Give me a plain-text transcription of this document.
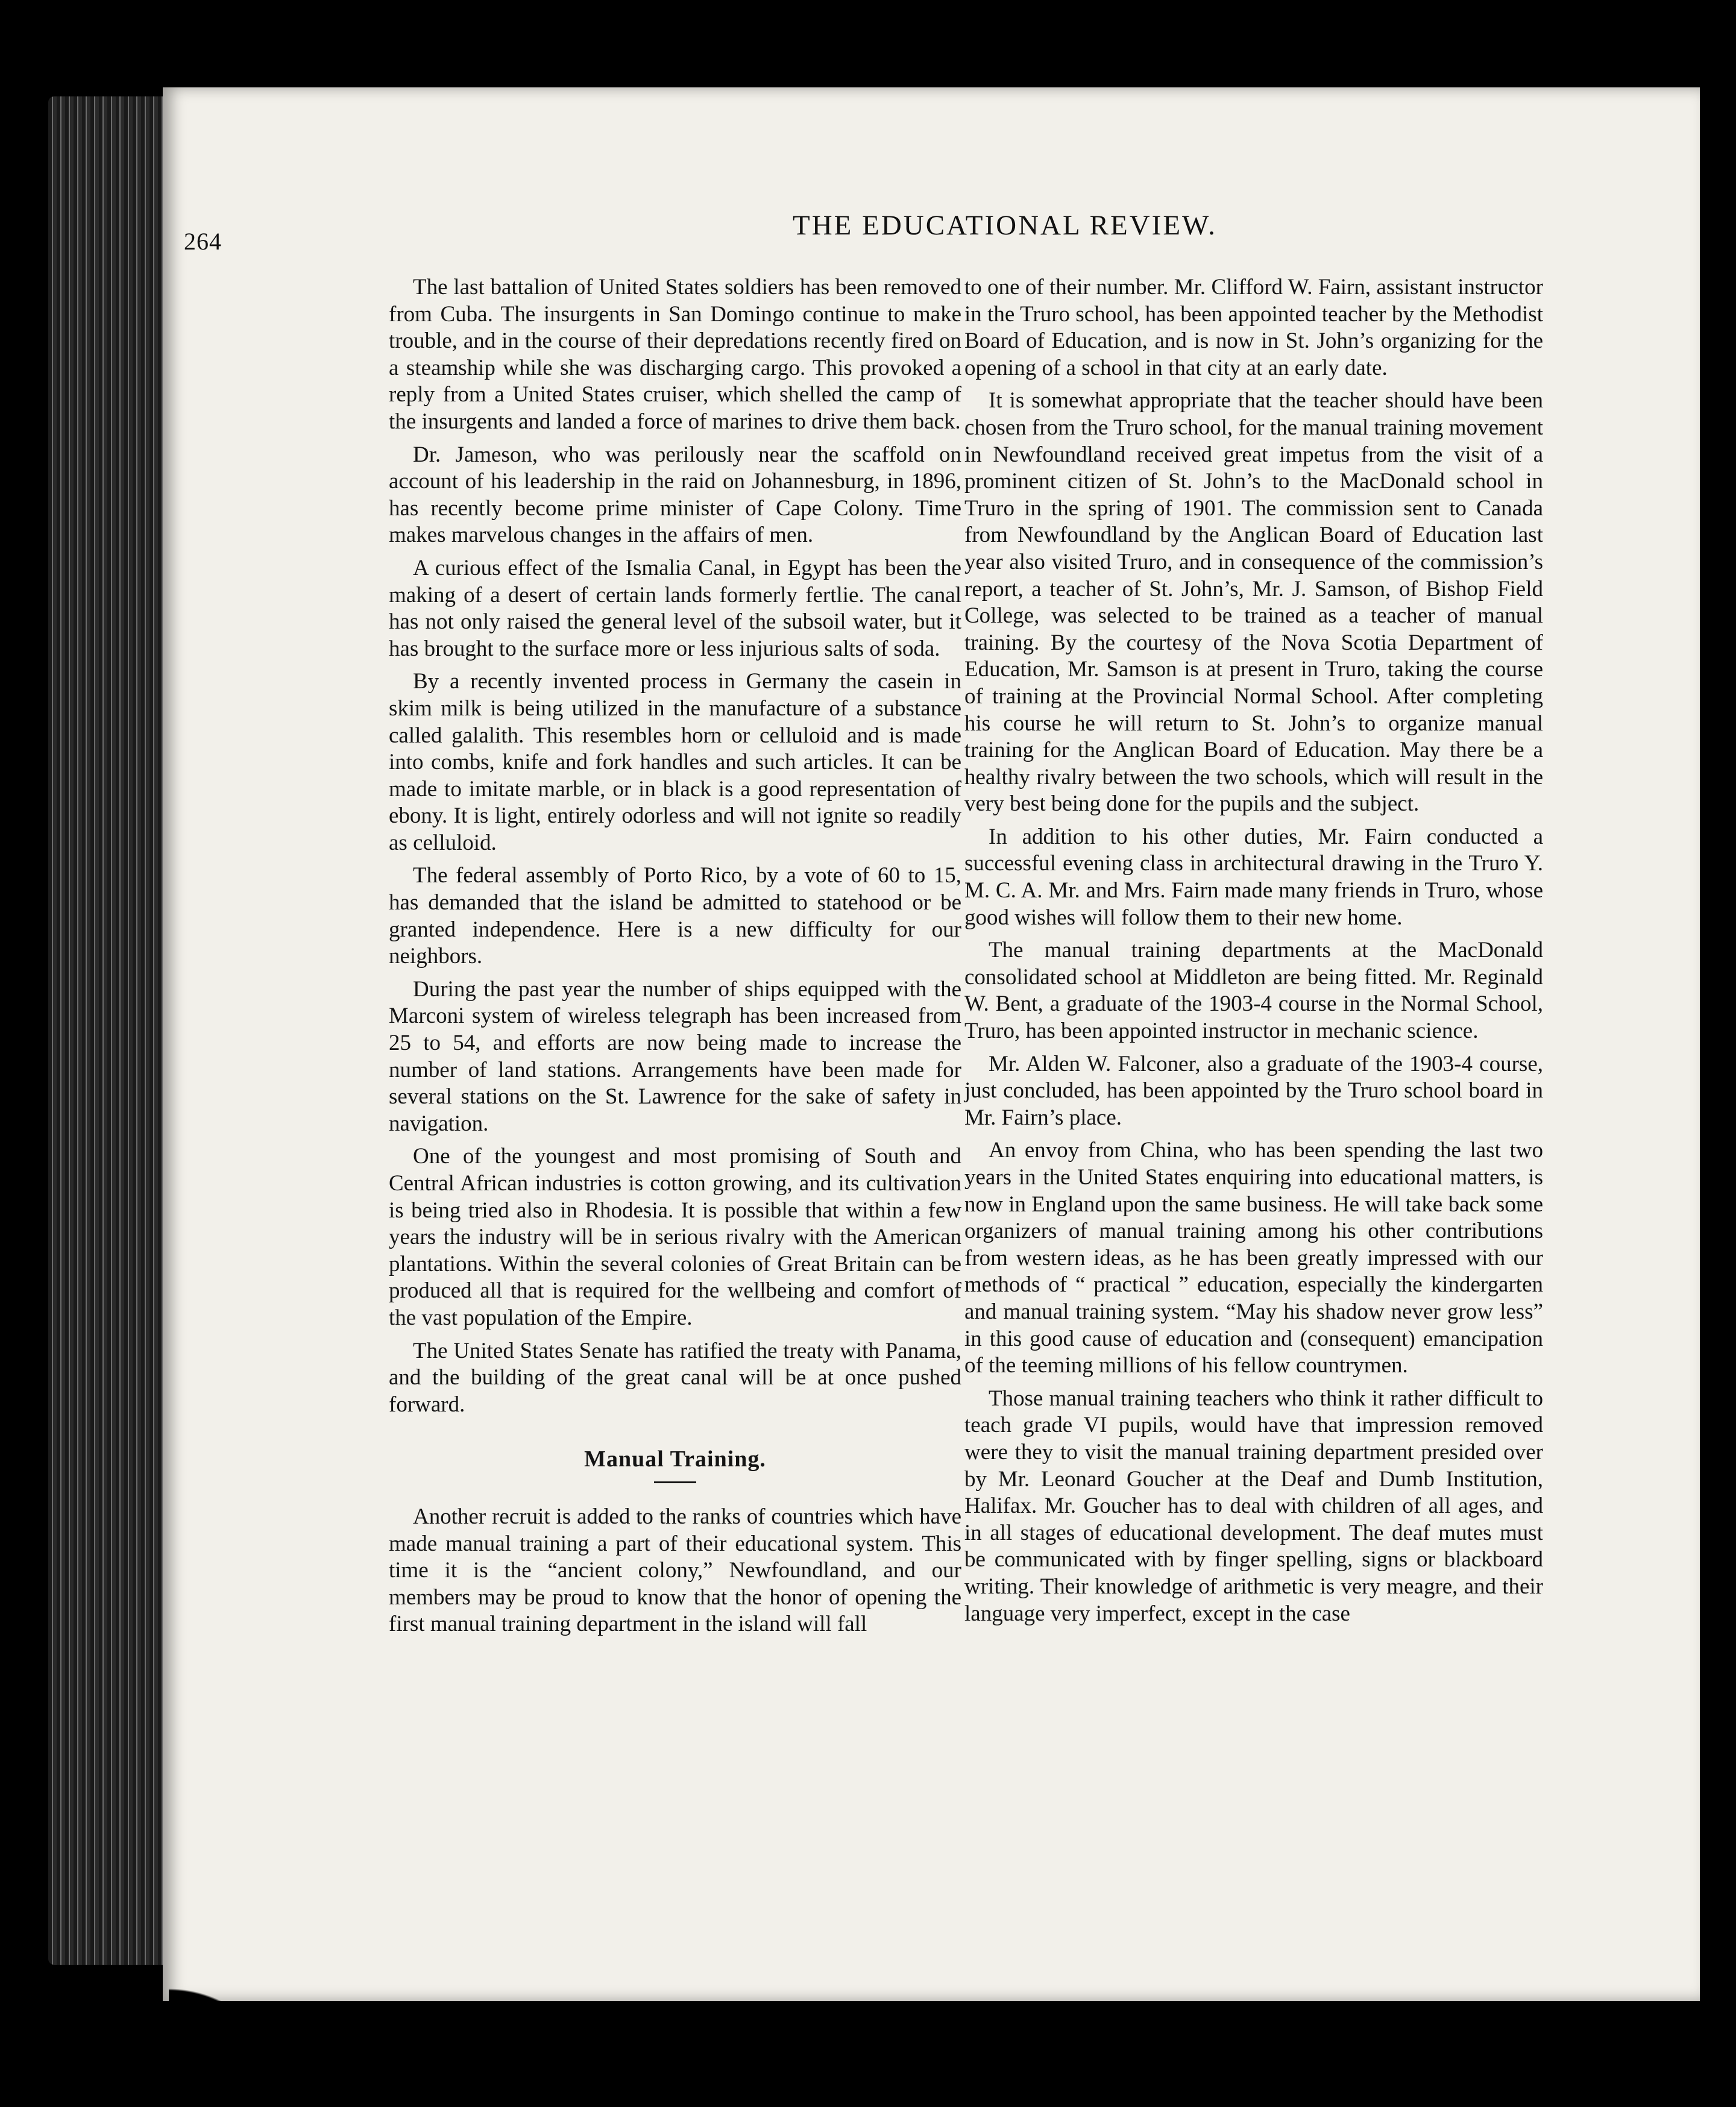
264
THE EDUCATIONAL REVIEW.

The last battalion of United States soldiers has been removed from Cuba. The insurgents in San Domingo continue to make trouble, and in the course of their depredations recently fired on a steamship while she was discharging cargo. This provoked a reply from a United States cruiser, which shelled the camp of the insurgents and landed a force of marines to drive them back.

Dr. Jameson, who was perilously near the scaffold on account of his leadership in the raid on Johannesburg, in 1896, has recently become prime minister of Cape Colony. Time makes marvelous changes in the affairs of men.

A curious effect of the Ismalia Canal, in Egypt has been the making of a desert of certain lands formerly fertlie. The canal has not only raised the general level of the subsoil water, but it has brought to the surface more or less injurious salts of soda.

By a recently invented process in Germany the casein in skim milk is being utilized in the manufacture of a substance called galalith. This resembles horn or celluloid and is made into combs, knife and fork handles and such articles. It can be made to imitate marble, or in black is a good representation of ebony. It is light, entirely odorless and will not ignite so readily as celluloid.

The federal assembly of Porto Rico, by a vote of 60 to 15, has demanded that the island be admitted to statehood or be granted independence. Here is a new difficulty for our neighbors.

During the past year the number of ships equipped with the Marconi system of wireless telegraph has been increased from 25 to 54, and efforts are now being made to increase the number of land stations. Arrangements have been made for several stations on the St. Lawrence for the sake of safety in navigation.

One of the youngest and most promising of South and Central African industries is cotton growing, and its cultivation is being tried also in Rhodesia. It is possible that within a few years the industry will be in serious rivalry with the American plantations. Within the several colonies of Great Britain can be produced all that is required for the wellbeing and comfort of the vast population of the Empire.

The United States Senate has ratified the treaty with Panama, and the building of the great canal will be at once pushed forward.

Manual Training.

Another recruit is added to the ranks of countries which have made manual training a part of their educational system. This time it is the “ancient colony,” Newfoundland, and our members may be proud to know that the honor of opening the first manual training department in the island will fall

to one of their number. Mr. Clifford W. Fairn, assistant instructor in the Truro school, has been appointed teacher by the Methodist Board of Education, and is now in St. John’s organizing for the opening of a school in that city at an early date.

It is somewhat appropriate that the teacher should have been chosen from the Truro school, for the manual training movement in Newfoundland received great impetus from the visit of a prominent citizen of St. John’s to the MacDonald school in Truro in the spring of 1901. The commission sent to Canada from Newfoundland by the Anglican Board of Education last year also visited Truro, and in consequence of the commission’s report, a teacher of St. John’s, Mr. J. Samson, of Bishop Field College, was selected to be trained as a teacher of manual training. By the courtesy of the Nova Scotia Department of Education, Mr. Samson is at present in Truro, taking the course of training at the Provincial Normal School. After completing his course he will return to St. John’s to organize manual training for the Anglican Board of Education. May there be a healthy rivalry between the two schools, which will result in the very best being done for the pupils and the subject.

In addition to his other duties, Mr. Fairn conducted a successful evening class in architectural drawing in the Truro Y. M. C. A. Mr. and Mrs. Fairn made many friends in Truro, whose good wishes will follow them to their new home.

The manual training departments at the MacDonald consolidated school at Middleton are being fitted. Mr. Reginald W. Bent, a graduate of the 1903-4 course in the Normal School, Truro, has been appointed instructor in mechanic science.

Mr. Alden W. Falconer, also a graduate of the 1903-4 course, just concluded, has been appointed by the Truro school board in Mr. Fairn’s place.

An envoy from China, who has been spending the last two years in the United States enquiring into educational matters, is now in England upon the same business. He will take back some organizers of manual training among his other contributions from western ideas, as he has been greatly impressed with our methods of “ practical ” education, especially the kindergarten and manual training system. “May his shadow never grow less” in this good cause of education and (consequent) emancipation of the teeming millions of his fellow countrymen.

Those manual training teachers who think it rather difficult to teach grade VI pupils, would have that impression removed were they to visit the manual training department presided over by Mr. Leonard Goucher at the Deaf and Dumb Institution, Halifax. Mr. Goucher has to deal with children of all ages, and in all stages of educational development. The deaf mutes must be communicated with by finger spelling, signs or blackboard writing. Their knowledge of arithmetic is very meagre, and their language very imperfect, except in the case
